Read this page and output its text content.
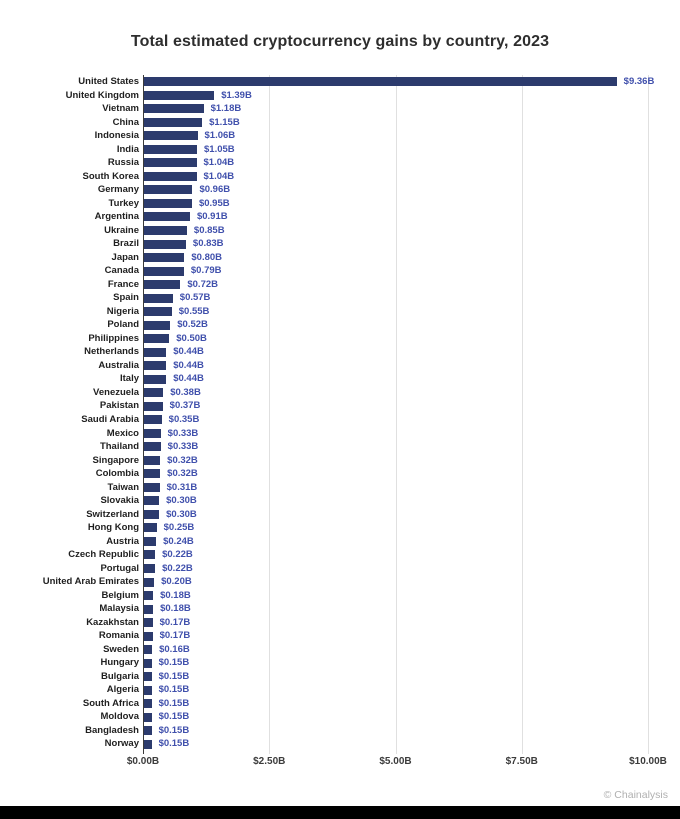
Total estimated cryptocurrency gains by country, 2023
United States	$9.36B
United Kingdom	$1.39B
Vietnam	$1.18B
China	$1.15B
Indonesia	$1.06B
India	$1.05B
Russia	$1.04B
South Korea	$1.04B
Germany	$0.96B
Turkey	$0.95B
Argentina	$0.91B
Ukraine	$0.85B
Brazil	$0.83B
Japan	$0.80B
Canada	$0.79B
France	$0.72B
Spain	$0.57B
Nigeria	$0.55B
Poland	$0.52B
Philippines	$0.50B
Netherlands	$0.44B
Australia	$0.44B
Italy	$0.44B
Venezuela	$0.38B
Pakistan	$0.37B
Saudi Arabia	$0.35B
Mexico	$0.33B
Thailand	$0.33B
Singapore	$0.32B
Colombia	$0.32B
Taiwan	$0.31B
Slovakia	$0.30B
Switzerland	$0.30B
Hong Kong	$0.25B
Austria	$0.24B
Czech Republic $0.22B
Portugal $0.22B
United Arab Emirates $0.20B
Belgium $0.18B
Malaysia $0.18B
Kazakhstan $0.17B
Romania $0.17B
Sweden $0.16B
Hungary $0.15B
Bulgaria $0.15B
Algeria $0.15B
South Africa $0.15B
Moldova $0.15B
Bangladesh $0.15B
Norway $0.15B
$0.00B	$2.50B	$5.00B	$7.50B	$10.00B
© Chainalysis
